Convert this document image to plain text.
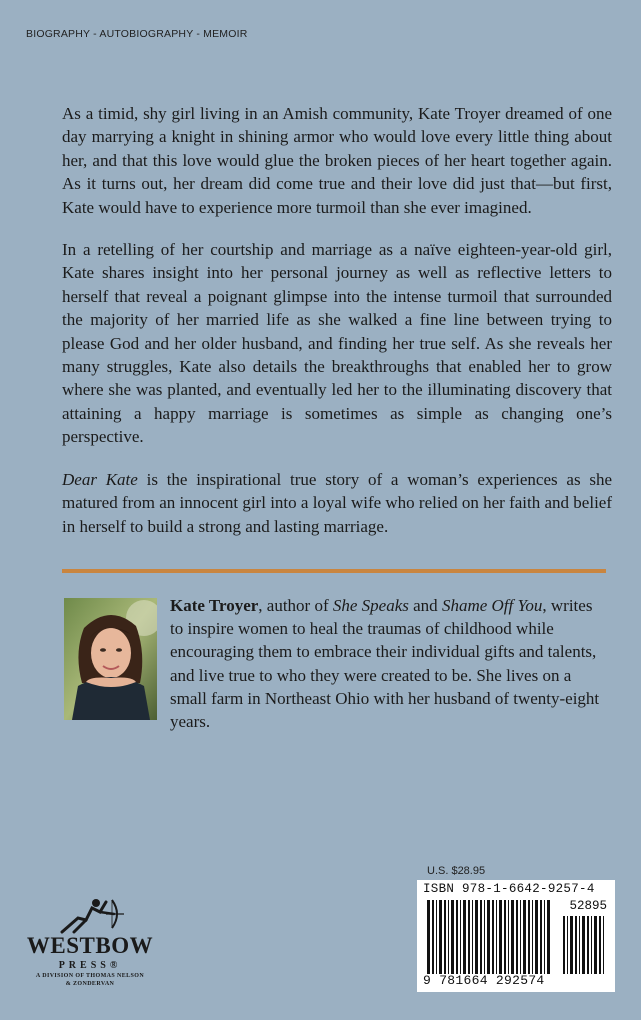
BIOGRAPHY - AUTOBIOGRAPHY - MEMOIR

As a timid, shy girl living in an Amish community, Kate Troyer dreamed of one day marrying a knight in shining armor who would love every little thing about her, and that this love would glue the broken pieces of her heart together again. As it turns out, her dream did come true and their love did just that—but first, Kate would have to experience more turmoil than she ever imagined.

In a retelling of her courtship and marriage as a naïve eighteen-year-old girl, Kate shares insight into her personal journey as well as reflective letters to herself that reveal a poignant glimpse into the intense turmoil that surrounded the majority of her married life as she walked a fine line between trying to please God and her older husband, and finding her true self. As she reveals her many struggles, Kate also details the breakthroughs that enabled her to grow where she was planted, and eventually led her to the illuminating discovery that attaining a happy marriage is sometimes as simple as changing one’s perspective.

Dear Kate is the inspirational true story of a woman’s experiences as she matured from an innocent girl into a loyal wife who relied on her faith and belief in herself to build a strong and lasting marriage.

Kate Troyer, author of She Speaks and Shame Off You, writes to inspire women to heal the traumas of childhood while encouraging them to embrace their individual gifts and talents, and live true to who they were created to be. She lives on a small farm in Northeast Ohio with her husband of twenty-eight years.
WESTBOW
PRESS®
A DIVISION OF THOMAS NELSON
& ZONDERVAN
U.S. $28.95
ISBN 978-1-6642-9257-4
52895
9 781664 292574
